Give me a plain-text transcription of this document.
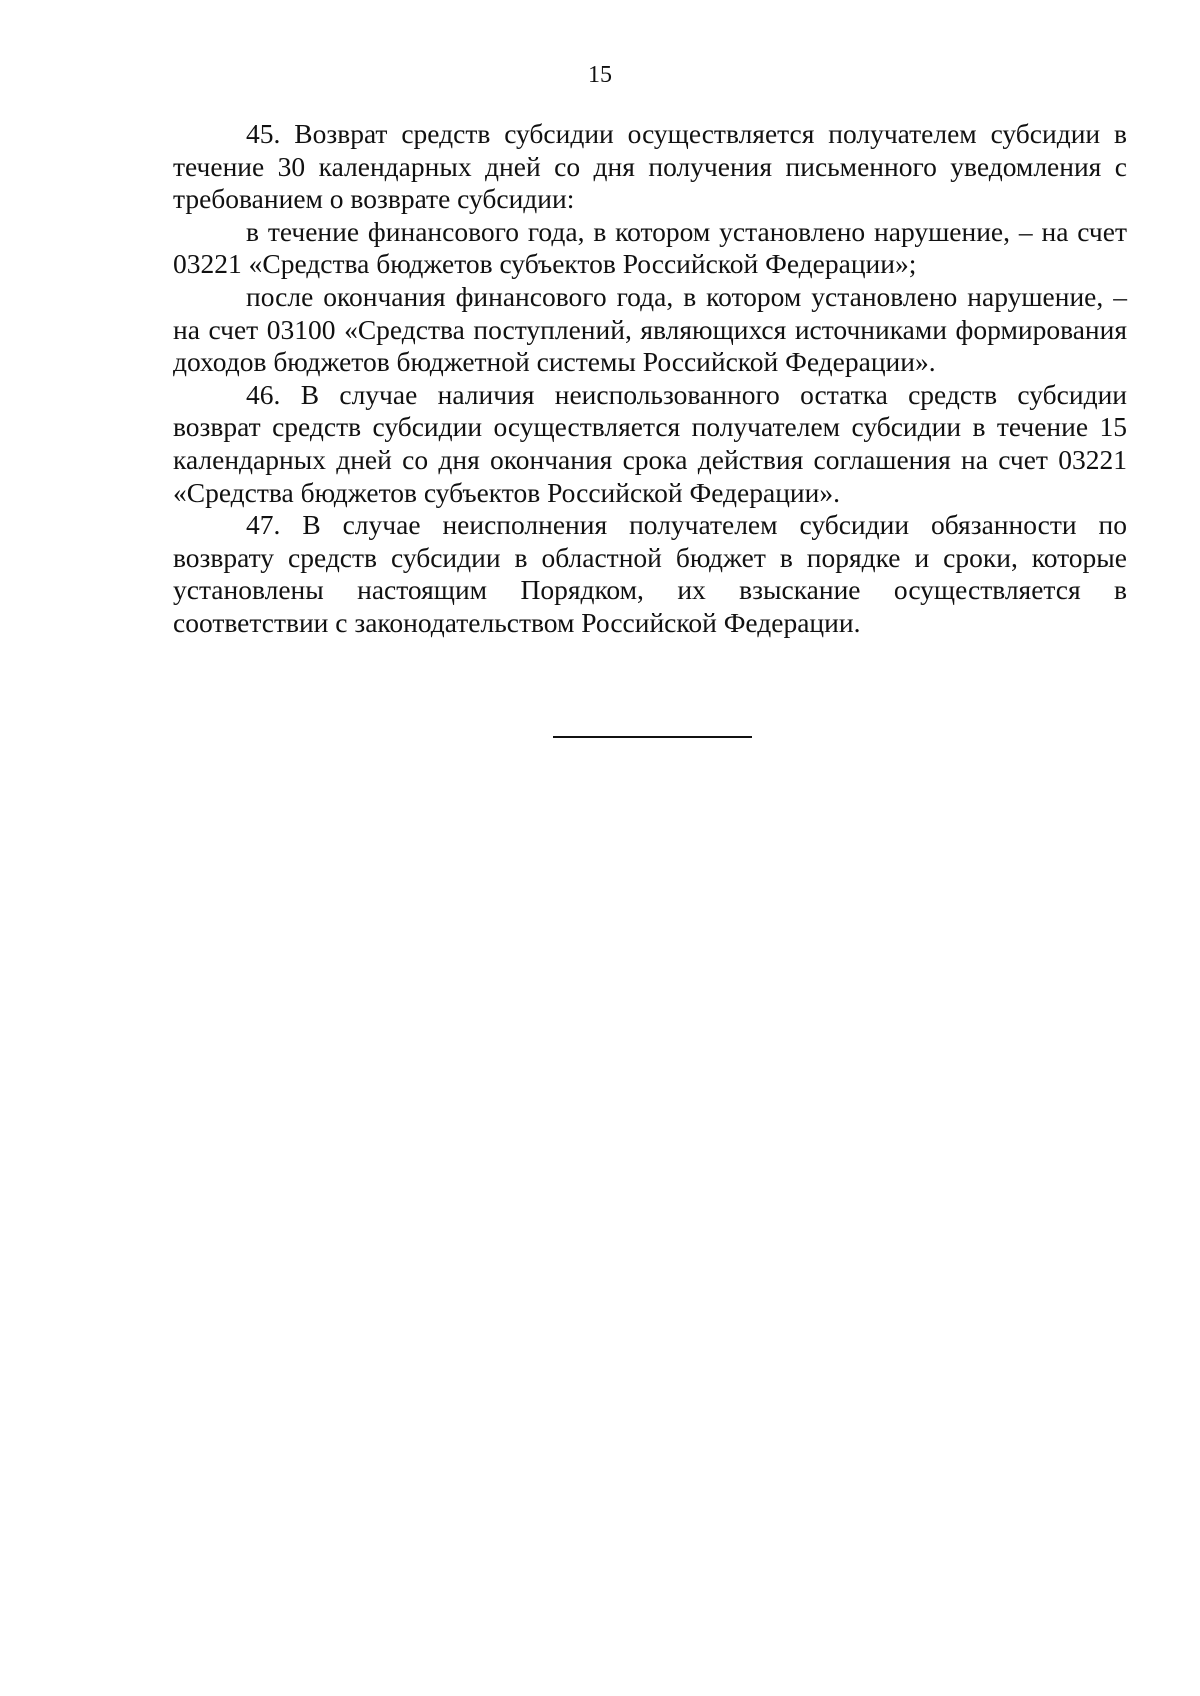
15

45. Возврат средств субсидии осуществляется получателем субсидии в течение 30 календарных дней со дня получения письменного уведомления с требованием о возврате субсидии:

в течение финансового года, в котором установлено нарушение, – на счет 03221 «Средства бюджетов субъектов Российской Федерации»;

после окончания финансового года, в котором установлено нарушение, – на счет 03100 «Средства поступлений, являющихся источниками формирования доходов бюджетов бюджетной системы Российской Федерации».

46. В случае наличия неиспользованного остатка средств субсидии возврат средств субсидии осуществляется получателем субсидии в течение 15 календарных дней со дня окончания срока действия соглашения на счет 03221 «Средства бюджетов субъектов Российской Федерации».

47. В случае неисполнения получателем субсидии обязанности по возврату средств субсидии в областной бюджет в порядке и сроки, которые установлены настоящим Порядком, их взыскание осуществляется в соответствии с законодательством Российской Федерации.
